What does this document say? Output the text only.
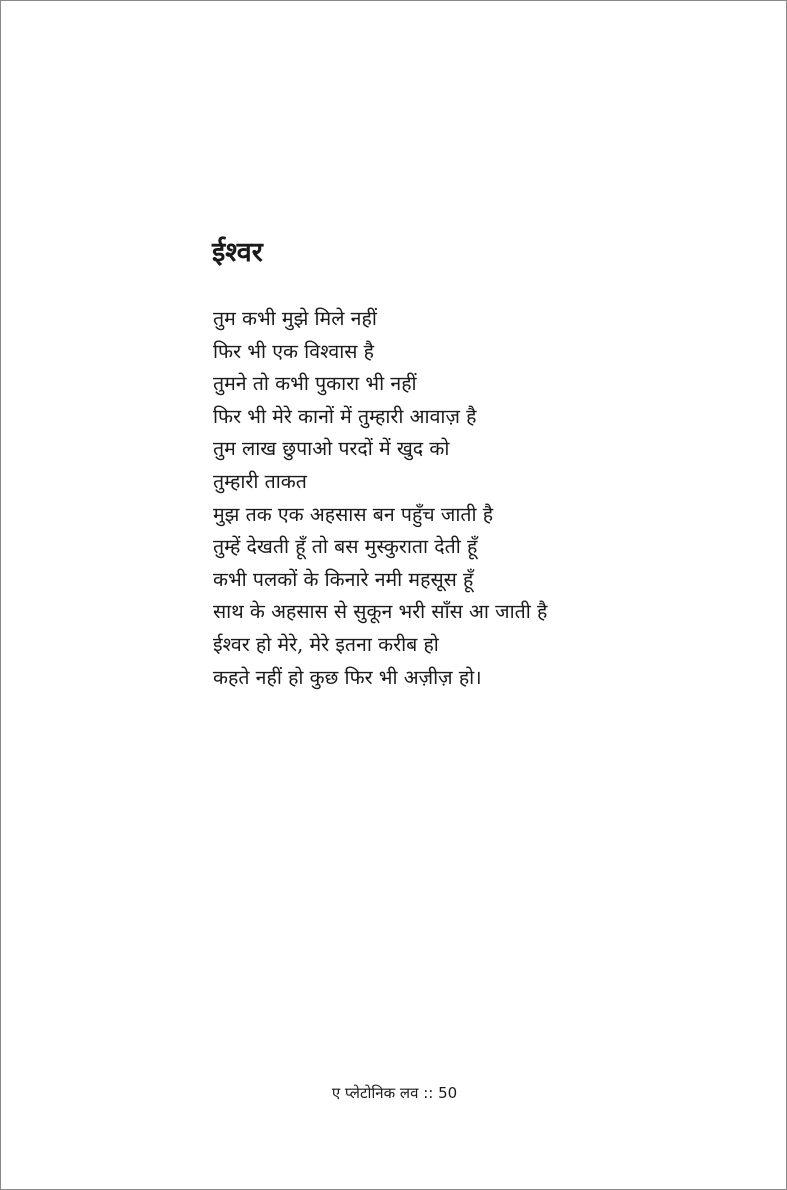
ईश्वर
तुम कभी मुझे मिले नहीं
फिर भी एक विश्वास है
तुमने तो कभी पुकारा भी नहीं
फिर भी मेरे कानों में तुम्हारी आवाज़ है
तुम लाख छुपाओ परदों में खुद को
तुम्हारी ताकत
मुझ तक एक अहसास बन पहुँच जाती है
तुम्हें देखती हूँ तो बस मुस्कुराता देती हूँ
कभी पलकों के किनारे नमी महसूस हूँ
साथ के अहसास से सुकून भरी साँस आ जाती है
ईश्वर हो मेरे, मेरे इतना करीब हो
कहते नहीं हो कुछ फिर भी अज़ीज़ हो।
ए प्लेटोनिक लव :: 50
